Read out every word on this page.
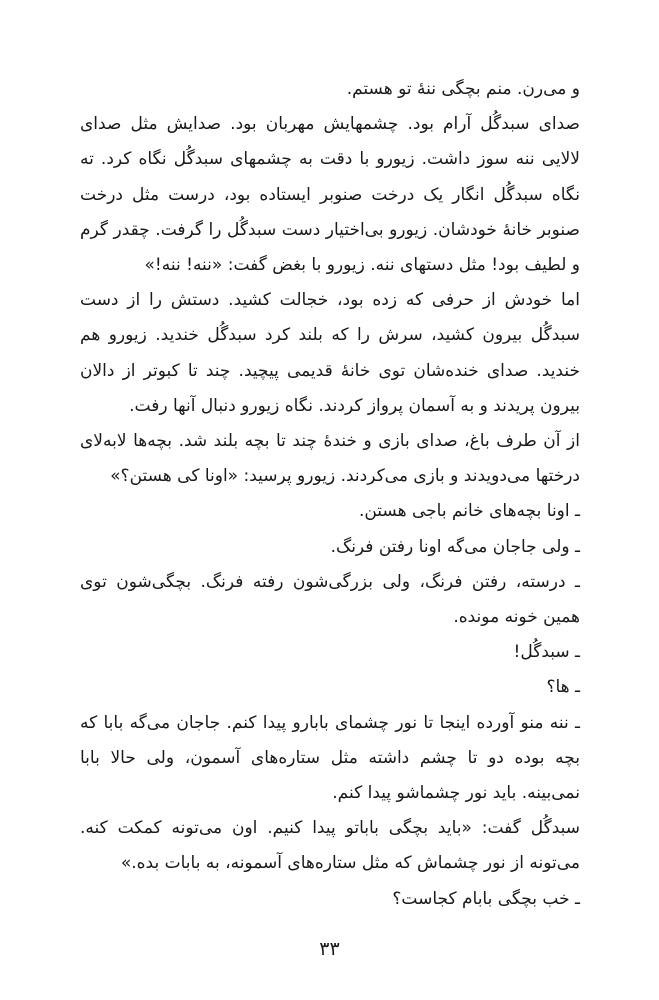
و می‌رن. منم بچگی ننهٔ تو هستم.

صدای سبدگُل آرام بود. چشمهایش مهربان بود. صدایش مثل صدای لالایی ننه سوز داشت. زیورو با دقت به چشمهای سبدگُل نگاه کرد. ته نگاه سبدگُل انگار یک درخت صنوبر ایستاده بود، درست مثل درخت صنوبر خانهٔ خودشان. زیورو بی‌اختیار دست سبدگُل را گرفت. چقدر گرم و لطیف بود! مثل دستهای ننه. زیورو با بغض گفت: «ننه! ننه!»

اما خودش از حرفی که زده بود، خجالت کشید. دستش را از دست سبدگُل بیرون کشید، سرش را که بلند کرد سبدگُل خندید. زیورو هم خندید. صدای خنده‌شان توی خانهٔ قدیمی پیچید. چند تا کبوتر از دالان بیرون پریدند و به آسمان پرواز کردند. نگاه زیورو دنبال آنها رفت.

از آن طرف باغ، صدای بازی و خندهٔ چند تا بچه بلند شد. بچه‌ها لابه‌لای درختها می‌دویدند و بازی می‌کردند. زیورو پرسید: «اونا کی هستن؟»

ـ اونا بچه‌های خانم باجی هستن.

ـ ولی جاجان می‌گه اونا رفتن فرنگ.

ـ درسته، رفتن فرنگ، ولی بزرگی‌شون رفته فرنگ. بچگی‌شون توی همین خونه مونده.

ـ سبدگُل!

ـ ها؟

ـ ننه منو آورده اینجا تا نور چشمای بابارو پیدا کنم. جاجان می‌گه بابا که بچه بوده دو تا چشم داشته مثل ستاره‌های آسمون، ولی حالا بابا نمی‌بینه. باید نور چشماشو پیدا کنم.

سبدگُل گفت: «باید بچگی باباتو پیدا کنیم. اون می‌تونه کمکت کنه. می‌تونه از نور چشماش که مثل ستاره‌های آسمونه، به بابات بده.»

ـ خب بچگی بابام کجاست؟

۳۳
